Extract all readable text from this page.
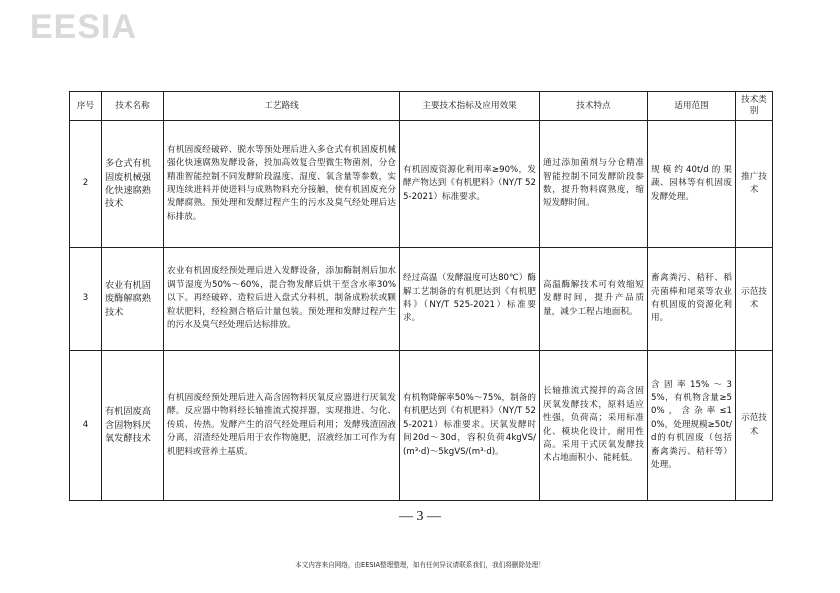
EESIA
序号	技术名称	工艺路线	主要技术指标及应用效果	技术特点	适用范围	技术类别
2	多仓式有机固废机械强化快速腐熟技术	有机固废经破碎、脱水等预处理后进入多仓式有机固废机械强化快速腐熟发酵设备，投加高效复合型微生物菌剂，分仓精准智能控制不同发酵阶段温度、湿度、氧含量等参数，实现连续进料并使进料与成熟物料充分接触，使有机固废充分发酵腐熟。预处理和发酵过程产生的污水及臭气经处理后达标排放。	有机固废资源化利用率≥90%，发酵产物达到《有机肥料》（NY/T 525-2021）标准要求。	通过添加菌剂与分仓精准智能控制不同发酵阶段参数，提升物料腐熟度，缩短发酵时间。	规模约40t/d的果蔬、园林等有机固废发酵处理。	推广技术
3	农业有机固废酶解腐熟技术	农业有机固废经预处理后进入发酵设备，添加酶制剂后加水调节湿度为50%～60%，混合物发酵后烘干至含水率30%以下。再经破碎、造粒后进入盘式分料机，制备成粉状或颗粒状肥料，经检测合格后计量包装。预处理和发酵过程产生的污水及臭气经处理后达标排放。	经过高温（发酵温度可达80℃）酶解工艺制备的有机肥达到《有机肥料》（NY/T 525-2021）标准要求。	高温酶解技术可有效缩短发酵时间，提升产品质量，减少工程占地面积。	畜禽粪污、秸秆、稻壳菌棒和尾菜等农业有机固废的资源化利用。	示范技术
4	有机固废高含固物料厌氧发酵技术	有机固废经预处理后进入高含固物料厌氧反应器进行厌氧发酵。反应器中物料经长轴推流式搅拌器，实现推进、匀化、传质、传热。发酵产生的沼气经处理后利用；发酵残渣固液分离，沼渣经处理后用于农作物施肥，沼液经加工可作为有机肥料或营养土基质。	有机物降解率50%～75%，制备的有机肥达到《有机肥料》（NY/T 525-2021）标准要求。厌氧发酵时间20d～30d，容积负荷4kgVS/(m³·d)～5kgVS/(m³·d)。	长轴推流式搅拌的高含固厌氧发酵技术，原料适应性强，负荷高；采用标准化、模块化设计，耐用性高。采用干式厌氧发酵技术占地面积小、能耗低。	含固率15%～35%，有机物含量≥50%，含杂率≤10%，处理规模≥50t/d的有机固废（包括畜禽粪污、秸秆等）处理。	示范技术
— 3 —
本文内容来自网络，由EESIA整理整理，如有任何异议请联系我们，我们将删除处理！
